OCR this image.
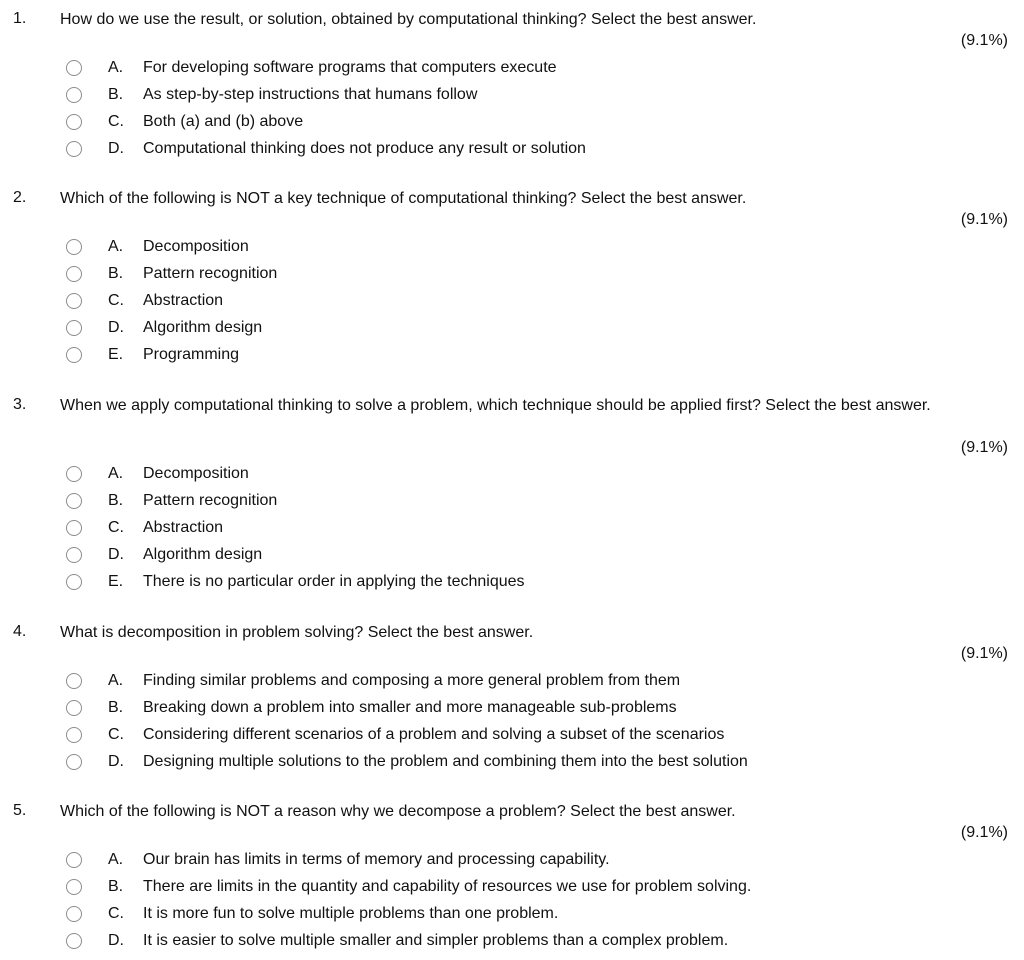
1. How do we use the result, or solution, obtained by computational thinking? Select the best answer.
(9.1%)
A. For developing software programs that computers execute
B. As step-by-step instructions that humans follow
C. Both (a) and (b) above
D. Computational thinking does not produce any result or solution
2. Which of the following is NOT a key technique of computational thinking? Select the best answer.
(9.1%)
A. Decomposition
B. Pattern recognition
C. Abstraction
D. Algorithm design
E. Programming
3. When we apply computational thinking to solve a problem, which technique should be applied first? Select the best answer.
(9.1%)
A. Decomposition
B. Pattern recognition
C. Abstraction
D. Algorithm design
E. There is no particular order in applying the techniques
4. What is decomposition in problem solving? Select the best answer.
(9.1%)
A. Finding similar problems and composing a more general problem from them
B. Breaking down a problem into smaller and more manageable sub-problems
C. Considering different scenarios of a problem and solving a subset of the scenarios
D. Designing multiple solutions to the problem and combining them into the best solution
5. Which of the following is NOT a reason why we decompose a problem? Select the best answer.
(9.1%)
A. Our brain has limits in terms of memory and processing capability.
B. There are limits in the quantity and capability of resources we use for problem solving.
C. It is more fun to solve multiple problems than one problem.
D. It is easier to solve multiple smaller and simpler problems than a complex problem.
